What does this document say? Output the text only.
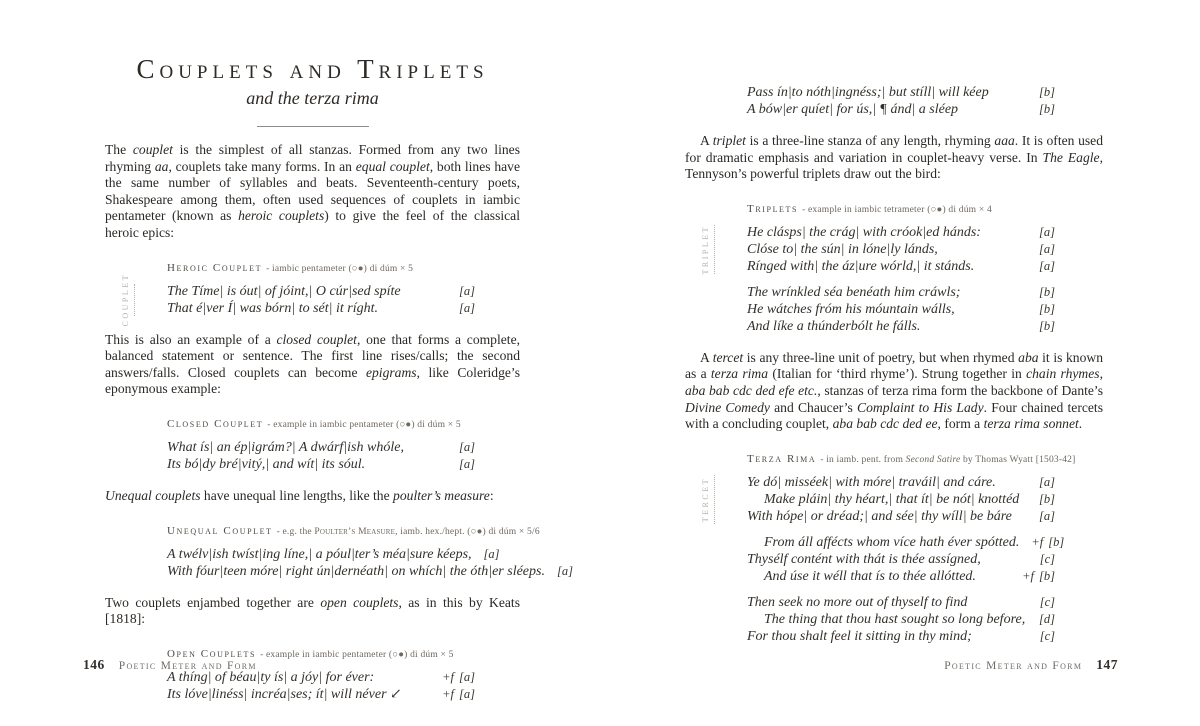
Couplets and Triplets
and the terza rima

The couplet is the simplest of all stanzas. Formed from any two lines rhyming aa, couplets take many forms. In an equal couplet, both lines have the same number of syllables and beats. Seventeenth-century poets, Shakespeare among them, often used sequences of couplets in iambic pentameter (known as heroic couplets) to give the feel of the classical heroic epics:

Heroic Couplet - iambic pentameter (○●) di dúm × 5
COUPLET	The Tíme| is óut| of jóint,| O cúr|sed spíte	[ a ]
That é|ver Í| was bórn| to sét| it ríght.	[ a ]

This is also an example of a closed couplet, one that forms a complete, balanced statement or sentence. The first line rises/calls; the second answers/falls. Closed couplets can become epigrams, like Coleridge’s eponymous example:

Closed Couplet - example in iambic pentameter (○●) di dúm × 5
What ís| an ép|igrám?| A dwárf|ish whóle,	[ a ]
Its bó|dy bré|vitý,| and wít| its sóul.	[ a ]

Unequal couplets have unequal line lengths, like the poulter’s measure:

Unequal Couplet - e.g. the Poulter’s Measure, iamb. hex./hept. (○●) di dúm × 5/6
A twélv|ish twíst|ing líne,| a póul|ter’s méa|sure kéeps,	[ a ]
With fóur|teen móre| right ún|dernéath| on whích| the óth|er sléeps.	[ a ]

Two couplets enjambed together are open couplets, as in this by Keats [1818]:

Open Couplets - example in iambic pentameter (○●) di dúm × 5
A thíng| of béau|ty ís| a jóy| for éver:	+f [ a ]
Its lóve|linéss| incréa|ses; ít| will néver ↙	+f [ a ]
Pass ín|to nóth|ingnéss;| but stíll| will kéep	[ b ]
A bów|er quíet| for ús,| ¶ ánd| a sléep	[ b ]

A triplet is a three-line stanza of any length, rhyming aaa. It is often used for dramatic emphasis and variation in couplet-heavy verse. In The Eagle, Tennyson’s powerful triplets draw out the bird:

Triplets - example in iambic tetrameter (○●) di dúm × 4
TRIPLET	He clásps| the crág| with cróok|ed hánds:	[ a ]
Clóse to| the sún| in lóne|ly lánds,	[ a ]
Rínged with| the áz|ure wórld,| it stánds.	[ a ]
The wrínkled séa benéath him cráwls;	[ b ]
He wátches fróm his móuntain wálls,	[ b ]
And líke a thúnderbólt he fálls.	[ b ]

A tercet is any three-line unit of poetry, but when rhymed aba it is known as a terza rima (Italian for ‘third rhyme’). Strung together in chain rhymes, aba bab cdc ded efe etc., stanzas of terza rima form the backbone of Dante’s Divine Comedy and Chaucer’s Complaint to His Lady. Four chained tercets with a concluding couplet, aba bab cdc ded ee, form a terza rima sonnet.

Terza Rima - in iamb. pent. from Second Satire by Thomas Wyatt [1503-42]
TERCET	Ye dó| misséek| with móre| traváil| and cáre.	[ a ]
Make pláin| thy héart,| that ít| be nót| knottéd	[ b ]
With hópe| or dréad;| and sée| thy wíll| be báre	[ a ]
From áll affécts whom více hath éver spótted. +f [ b ]
Thysélf contént with thát is thée assígned,	[ c ]
And úse it wéll that ís to thée allótted.	+f [ b ]
Then seek no more out of thyself to find	[ c ]
The thing that thou hast sought so long before,	[ d ]
For thou shalt feel it sitting in thy mind;	[ c ]
146 Poetic Meter and Form	Poetic Meter and Form 147
